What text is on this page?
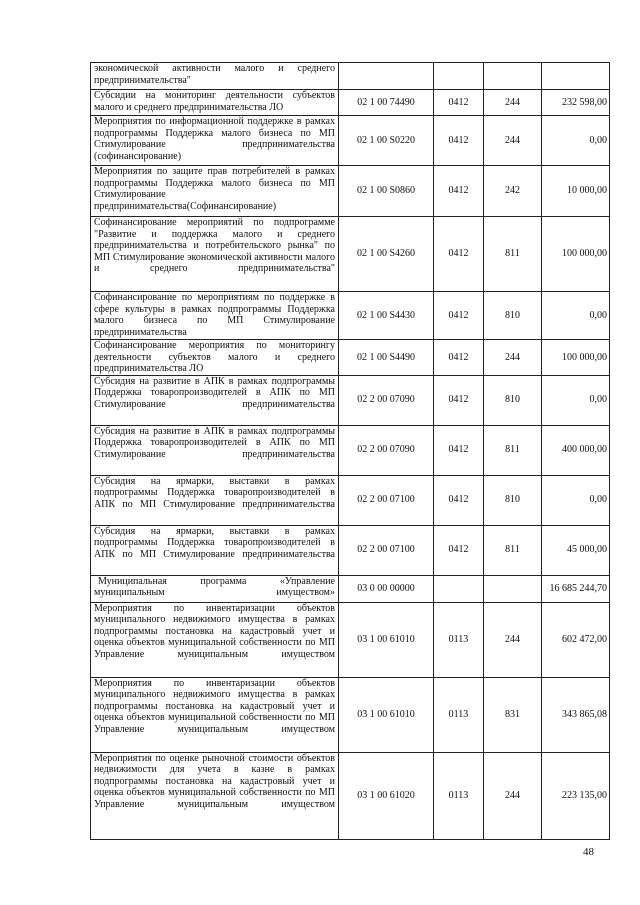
экономической активности малого и среднего предпринимательства"				
Субсидии на мониторинг деятельности субъектов малого и среднего предпринимательства ЛО	02 1 00 74490	0412	244	232 598,00
Мероприятия по информационной поддержке в рамках подпрограммы Поддержка малого бизнеса по МП Стимулирование предпринимательства (софинансирование)	02 1 00 S0220	0412	244	0,00
Мероприятия по защите прав потребителей в рамках подпрограммы Поддержка малого бизнеса по МП Стимулирование предпринимательства(Софинансирование)	02 1 00 S0860	0412	242	10 000,00
Софинансирование мероприятий по подпрограмме "Развитие и поддержка малого и среднего предпринимательства и потребительского рынка" по МП Стимулирование экономической активности малого и среднего предпринимательства"	02 1 00 S4260	0412	811	100 000,00
Софинансирование по мероприятиям по поддержке в сфере культуры в рамках подпрограммы Поддержка малого бизнеса по МП Стимулирование предпринимательства	02 1 00 S4430	0412	810	0,00
Софинансирование мероприятия по мониторингу деятельности субъектов малого и среднего предпринимательства ЛО	02 1 00 S4490	0412	244	100 000,00
Субсидия на развитие в АПК в рамках подпрограммы Поддержка товаропроизводителей в АПК по МП Стимулирование предпринимательства	02 2 00 07090	0412	810	0,00
Субсидия на развитие в АПК в рамках подпрограммы Поддержка товаропроизводителей в АПК по МП Стимулирование предпринимательства	02 2 00 07090	0412	811	400 000,00
Субсидия на ярмарки, выставки в рамках подпрограммы Поддержка товаропроизводителей в АПК по МП Стимулирование предпринимательства	02 2 00 07100	0412	810	0,00
Субсидия на ярмарки, выставки в рамках подпрограммы Поддержка товаропроизводителей в АПК по МП Стимулирование предпринимательства	02 2 00 07100	0412	811	45 000,00
Муниципальная программа «Управление муниципальным имуществом»	03 0 00 00000			16 685 244,70
Мероприятия по инвентаризации объектов муниципального недвижимого имущества в рамках подпрограммы постановка на кадастровый учет и оценка объектов муниципальной собственности по МП Управление муниципальным имуществом	03 1 00 61010	0113	244	602 472,00
Мероприятия по инвентаризации объектов муниципального недвижимого имущества в рамках подпрограммы постановка на кадастровый учет и оценка объектов муниципальной собственности по МП Управление муниципальным имуществом	03 1 00 61010	0113	831	343 865,08
Мероприятия по оценке рыночной стоимости объектов недвижимости для учета в казне в рамках подпрограммы постановка на кадастровый учет и оценка объектов муниципальной собственности по МП Управление муниципальным имуществом	03 1 00 61020	0113	244	223 135,00
48
